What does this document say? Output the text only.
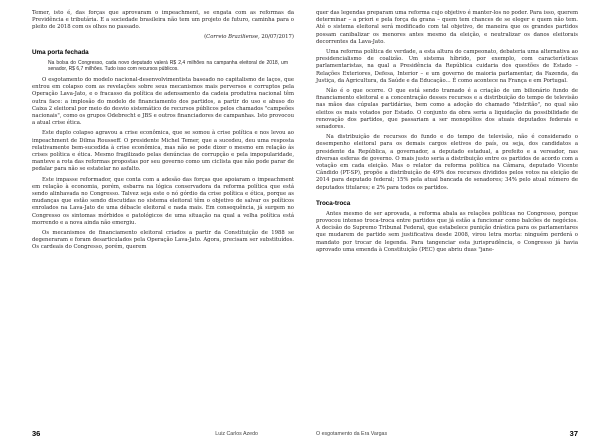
Temer, isto é, das forças que aprovaram o impeachment, se engata com as reformas da Previdência e tributária. E a sociedade brasileira não tem um projeto de futuro, caminha para o pleito de 2018 com os olhos no passado.

(Correio Braziliense, 20/07/2017)

Uma porta fechada

Na bolsa do Congresso, cada novo deputado valerá R$ 2,4 milhões na campanha eleitoral de 2018, um senador, R$ 6,7 milhões. Tudo isso com recursos públicos.

O esgotamento do modelo nacional-desenvolvimentista baseado no capitalismo de laços, que entrou em colapso com as revelações sobre seus mecanismos mais perversos e corruptos pela Operação Lava-Jato, e o fracasso da política de adensamento da cadeia produtiva nacional têm outra face: a implosão do modelo de financiamento dos partidos, a partir do uso e abuso do Caixa 2 eleitoral por meio do desvio sistemático de recursos públicos pelos chamados "campeões nacionais", como os grupos Odebrecht e JBS e outros financiadores de campanhas. Isto provocou a atual crise ética.

Este duplo colapso agravou a crise econômica, que se somou à crise política e nos levou ao impeachment de Dilma Rousseff. O presidente Michel Temer, que a sucedeu, deu uma resposta relativamente bem-sucedida à crise econômica, mas não se pode dizer o mesmo em relação às crises política e ética. Mesmo fragilizado pelas denúncias de corrupção e pela impopularidade, manteve a rota das reformas propostas por seu governo como um ciclista que não pode parar de pedalar para não se estatelar no asfalto.

Este impasse reformador, que conta com a adesão das forças que apoiaram o impeachment em relação à economia, porém, esbarra na lógica conservadora da reforma política que está sendo alinhavada no Congresso. Talvez seja este o nó górdio da crise política e ética, porque as mudanças que estão sendo discutidas no sistema eleitoral têm o objetivo de salvar os políticos enrolados na Lava-Jato de uma débacle eleitoral e nada mais. Em consequência, já surgem no Congresso os sintomas mórbidos e patológicos de uma situação na qual a velha política está morrendo e a nova ainda não emergiu.

Os mecanismos de financiamento eleitoral criados a partir da Constituição de 1988 se degeneraram e foram desarticulados pela Operação Lava-Jato. Agora, precisam ser substituídos. Os cardeais do Congresso, porém, querem

36	Luiz Carlos Azedo

quer das legendas preparam uma reforma cujo objetivo é manter-los no poder. Para isso, querem determinar – a priori e pela força da grana – quem tem chances de se eleger e quem não tem. Até o sistema eleitoral será modificado com tal objetivo, de maneira que os grandes partidos possam canibalizar os menores antes mesmo da eleição, e neutralizar os danos eleitorais decorrentes da Lava-Jato.

Uma reforma política de verdade, a esta altura do campeonato, debateria uma alternativa ao presidencialismo de coalizão. Um sistema híbrido, por exemplo, com características parlamentaristas, na qual a Presidência da República cuidaria dos questões de Estado – Relações Exteriores, Defesa, Interior – e um governo de maioria parlamentar, da Fazenda, da Justiça, da Agricultura, da Saúde e da Educação... É como acontece na França e em Portugal.

Não é o que ocorre. O que está sendo tramado é a criação de um bilionário fundo de financiamento eleitoral e a concentração desses recursos e a distribuição do tempo de televisão nas mãos das cúpulas partidárias, bem como a adoção do chamado "distritão", no qual são eleitos os mais votados por Estado. O conjunto da obra seria a liquidação da possibilidade de renovação dos partidos, que passariam a ser monopólios dos atuais deputados federais e senadores.

Na distribuição de recursos do fundo e do tempo de televisão, não é considerado o desempenho eleitoral para os demais cargos eletivos do país, ou seja, dos candidatos a presidente da República, a governador, a deputado estadual, a prefeito e a vereador, nas diversas esferas de governo. O mais justo seria a distribuição entre os partidos de acordo com a votação em cada eleição. Mas o relator da reforma política na Câmara, deputado Vicente Cândido (PT-SP), propõe a distribuição de 49% dos recursos divididos pelos votos na eleição de 2014 para deputado federal; 15% pela atual bancada de senadores; 34% pelo atual número de deputados titulares; e 2% para todos os partidos.

Troca-troca

Antes mesmo de ser aprovada, a reforma abala as relações políticas no Congresso, porque provocou intenso troca-troca entre partidos que já estão a funcionar como balcões de negócios. A decisão do Supremo Tribunal Federal, que estabelece punição drástica para os parlamentares que mudarem de partido sem justificativa desde 2008, virou letra morta: ninguém perderá o mandato por trocar de legenda. Para tangenciar esta jurisprudência, o Congresso já havia aprovado uma emenda à Constituição (PEC) que abriu duas "jane-

O esgotamento da Era Vargas	37
